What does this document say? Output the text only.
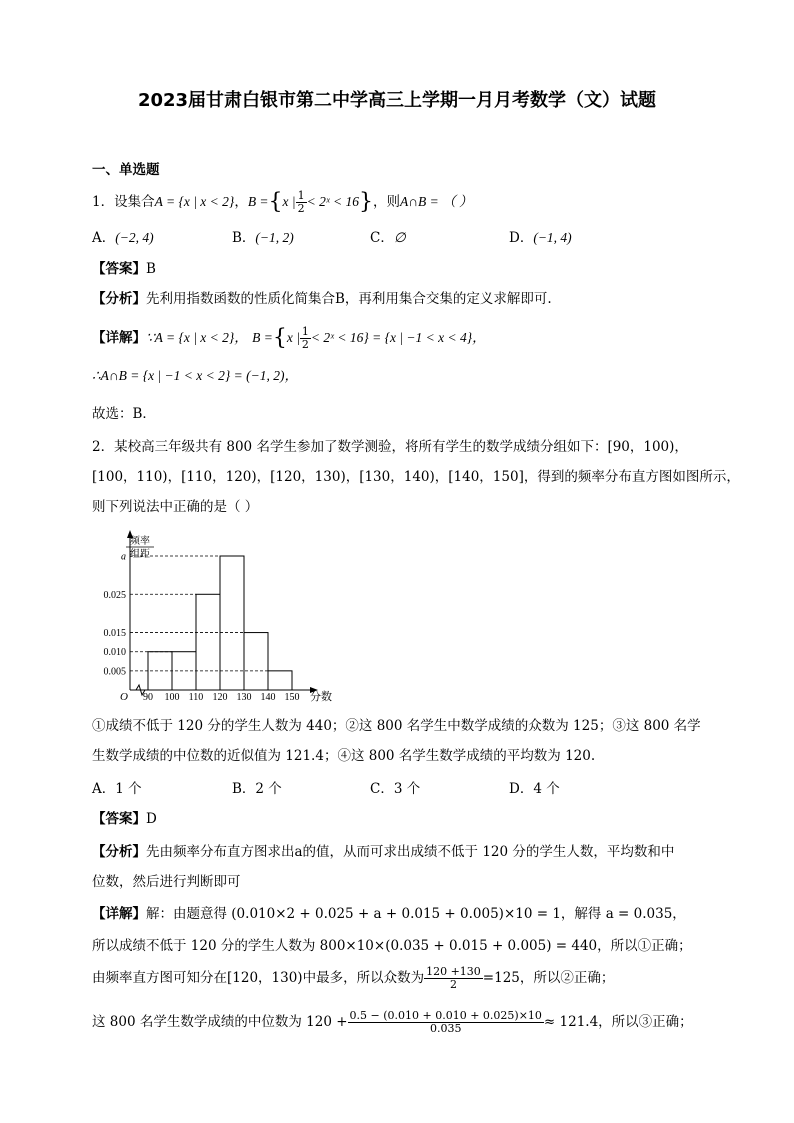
2023届甘肃白银市第二中学高三上学期一月月考数学（文）试题
一、单选题
1．设集合A = {x | x < 2}，B ={x | $\frac{1}{2}$ < 2ˣ < 16}，则A∩B = （ ）
A．(−2, 4)	B．(−1, 2)	C．∅	D．(−1, 4)
【答案】B
【分析】先利用指数函数的性质化简集合B，再利用集合交集的定义求解即可.
【详解】∵A = {x | x < 2}， B ={x | $\frac{1}{2}$ < 2ˣ < 16} = {x | −1 < x < 4}，
∴A∩B = {x | −1 < x < 2} = (−1, 2)，
故选：B．
2．某校高三年级共有 800 名学生参加了数学测验，将所有学生的数学成绩分组如下：[90，100)，
[100，110)，[110，120)，[120，130)，[130，140)，[140，150]，得到的频率分布直方图如图所示，
则下列说法中正确的是（ ）
频率
组距
O	分数
a
0.025
0.015
0.010
0.005
90 100 110 120 130 140 150
①成绩不低于 120 分的学生人数为 440；②这 800 名学生中数学成绩的众数为 125；③这 800 名学
生数学成绩的中位数的近似值为 121.4；④这 800 名学生数学成绩的平均数为 120.
A．1 个	B．2 个	C．3 个	D．4 个
【答案】D
【分析】先由频率分布直方图求出a的值，从而可求出成绩不低于 120 分的学生人数，平均数和中
位数，然后进行判断即可
【详解】解：由题意得 (0.010×2 + 0.025 + a + 0.015 + 0.005)×10 = 1，解得 a = 0.035，
所以成绩不低于 120 分的学生人数为 800×10×(0.035 + 0.015 + 0.005) = 440，所以①正确；
由频率直方图可知分在[120，130)中最多，所以众数为 $\frac{120 +130}{2} =125$，所以②正确；
这 800 名学生数学成绩的中位数为 $120 + \frac{0.5 - (0.010 + 0.010 + 0.025)\times 10}{0.035} \approx 121.4$，所以③正确；
